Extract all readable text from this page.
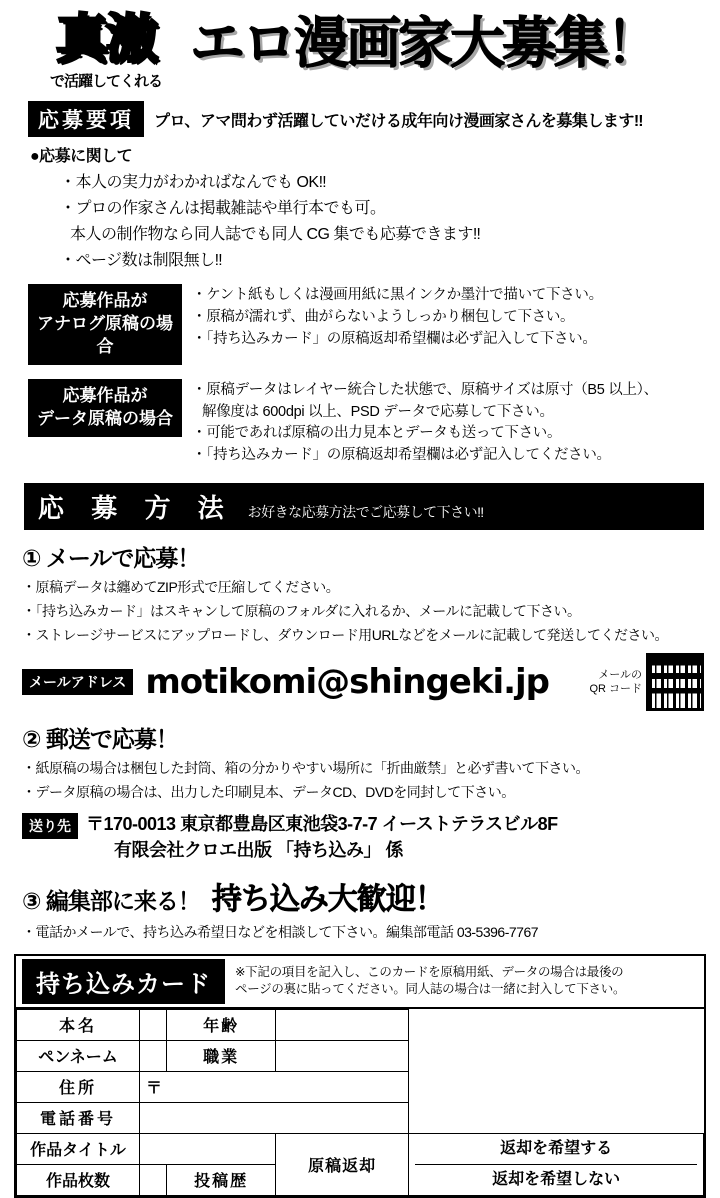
真激
で活躍してくれる
エロ漫画家大募集！
応募要項	プロ、アマ問わず活躍していだける成年向け漫画家さんを募集します‼
●応募に関して
・本人の実力がわかればなんでも OK‼
・プロの作家さんは掲載雑誌や単行本でも可。
本人の制作物なら同人誌でも同人 CG 集でも応募できます‼
・ページ数は制限無し‼
応募作品が
アナログ原稿の場合
・ケント紙もしくは漫画用紙に黒インクか墨汁で描いて下さい。
・原稿が濡れず、曲がらないようしっかり梱包して下さい。
・「持ち込みカード」の原稿返却希望欄は必ず記入して下さい。
応募作品が
データ原稿の場合
・原稿データはレイヤー統合した状態で、原稿サイズは原寸（B5 以上）、
解像度は 600dpi 以上、PSD データで応募して下さい。
・可能であれば原稿の出力見本とデータも送って下さい。
・「持ち込みカード」の原稿返却希望欄は必ず記入してください。
応 募 方 法 お好きな応募方法でご応募して下さい‼
① メールで応募！
・原稿データは纏めてZIP形式で圧縮してください。
・「持ち込みカード」はスキャンして原稿のフォルダに入れるか、メールに記載して下さい。
・ストレージサービスにアップロードし、ダウンロード用URLなどをメールに記載して発送してください。
メールアドレス motikomi@shingeki.jp	メールの
QR コード
② 郵送で応募！
・紙原稿の場合は梱包した封筒、箱の分かりやすい場所に「折曲厳禁」と必ず書いて下さい。
・データ原稿の場合は、出力した印刷見本、データCD、DVDを同封して下さい。
送り先 〒170-0013 東京都豊島区東池袋3-7-7 イーストテラスビル8F
有限会社クロエ出版 「持ち込み」 係
③ 編集部に来る！ 持ち込み大歓迎！
・電話かメールで、持ち込み希望日などを相談して下さい。編集部電話 03-5396-7767
持ち込みカード	※下記の項目を記入し、このカードを原稿用紙、データの場合は最後の
ページの裏に貼ってください。同人誌の場合は一緒に封入して下さい。
本名		年齢		
ペンネーム		職業		
住所	〒			
電話番号				
作品タイトル			原稿返却	返却を希望する
返却を希望しない

作品枚数		投稿歴		
